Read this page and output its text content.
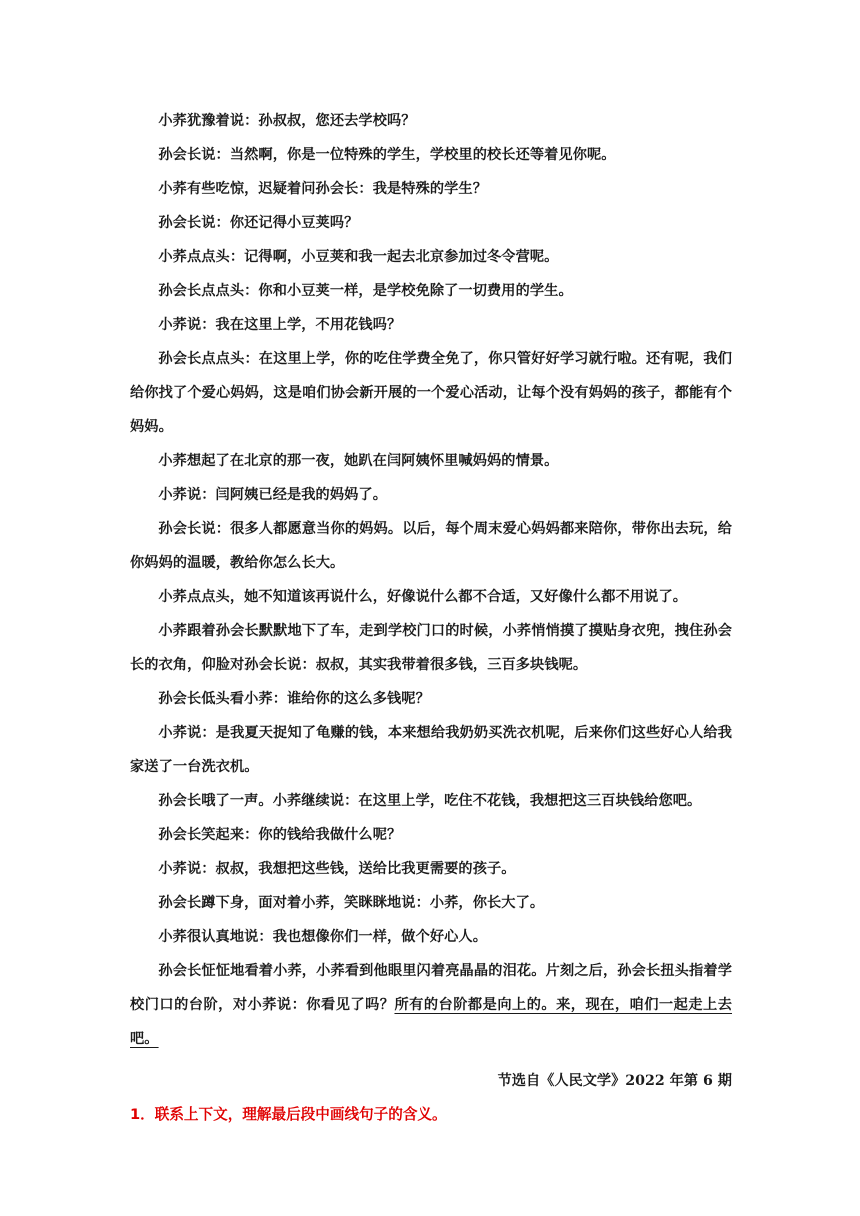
小荞犹豫着说：孙叔叔，您还去学校吗？

孙会长说：当然啊，你是一位特殊的学生，学校里的校长还等着见你呢。

小荞有些吃惊，迟疑着问孙会长：我是特殊的学生？

孙会长说：你还记得小豆荚吗？

小荞点点头：记得啊，小豆荚和我一起去北京参加过冬令营呢。

孙会长点点头：你和小豆荚一样，是学校免除了一切费用的学生。

小荞说：我在这里上学，不用花钱吗？

孙会长点点头：在这里上学，你的吃住学费全免了，你只管好好学习就行啦。还有呢，我们给你找了个爱心妈妈，这是咱们协会新开展的一个爱心活动，让每个没有妈妈的孩子，都能有个妈妈。

小荞想起了在北京的那一夜，她趴在闫阿姨怀里喊妈妈的情景。

小荞说：闫阿姨已经是我的妈妈了。

孙会长说：很多人都愿意当你的妈妈。以后，每个周末爱心妈妈都来陪你，带你出去玩，给你妈妈的温暖，教给你怎么长大。

小荞点点头，她不知道该再说什么，好像说什么都不合适，又好像什么都不用说了。

小荞跟着孙会长默默地下了车，走到学校门口的时候，小荞悄悄摸了摸贴身衣兜，拽住孙会长的衣角，仰脸对孙会长说：叔叔，其实我带着很多钱，三百多块钱呢。

孙会长低头看小荞：谁给你的这么多钱呢？

小荞说：是我夏天捉知了龟赚的钱，本来想给我奶奶买洗衣机呢，后来你们这些好心人给我家送了一台洗衣机。

孙会长哦了一声。小荞继续说：在这里上学，吃住不花钱，我想把这三百块钱给您吧。

孙会长笑起来：你的钱给我做什么呢？

小荞说：叔叔，我想把这些钱，送给比我更需要的孩子。

孙会长蹲下身，面对着小荞，笑眯眯地说：小荞，你长大了。

小荞很认真地说：我也想像你们一样，做个好心人。

孙会长怔怔地看着小荞，小荞看到他眼里闪着亮晶晶的泪花。片刻之后，孙会长扭头指着学校门口的台阶，对小荞说：你看见了吗？所有的台阶都是向上的。来，现在，咱们一起走上去吧。

节选自《人民文学》2022 年第 6 期

1．联系上下文，理解最后段中画线句子的含义。
